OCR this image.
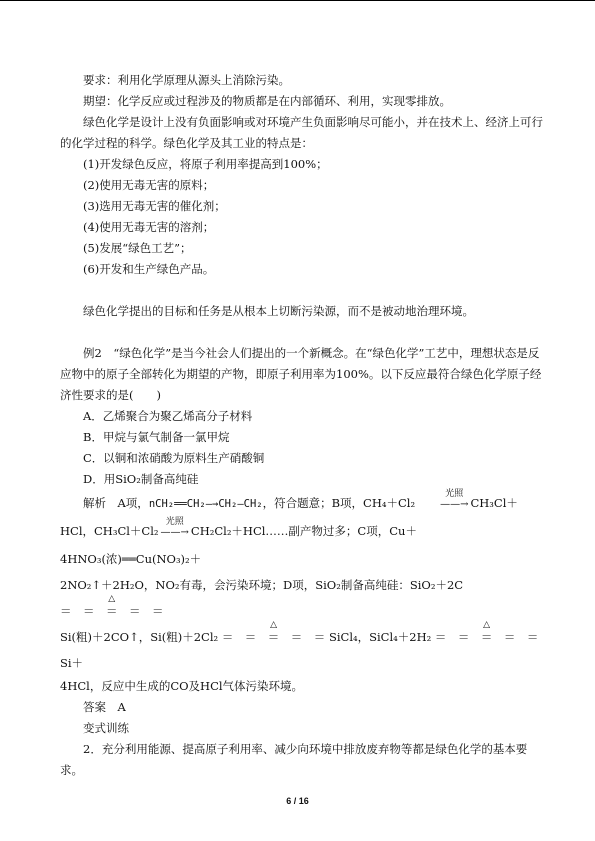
要求：利用化学原理从源头上消除污染。

期望：化学反应或过程涉及的物质都是在内部循环、利用，实现零排放。

绿色化学是设计上没有负面影响或对环境产生负面影响尽可能小，并在技术上、经济上可行的化学过程的科学。绿色化学及其工业的特点是：

(1)开发绿色反应，将原子利用率提高到100%；

(2)使用无毒无害的原料；

(3)选用无毒无害的催化剂；

(4)使用无毒无害的溶剂；

(5)发展“绿色工艺”；

(6)开发和生产绿色产品。

绿色化学提出的目标和任务是从根本上切断污染源，而不是被动地治理环境。

例2　“绿色化学”是当今社会人们提出的一个新概念。在“绿色化学”工艺中，理想状态是反应物中的原子全部转化为期望的产物，即原子利用率为100%。以下反应最符合绿色化学原子经济性要求的是(　　)

A．乙烯聚合为聚乙烯高分子材料

B．甲烷与氯气制备一氯甲烷

C．以铜和浓硝酸为原料生产硝酸铜

D．用SiO₂制备高纯硅

解析　A项，nCH₂══CH₂—→CH₂—CH₂，符合题意；B项，CH₄＋Cl₂
光照
——→ CH₃Cl＋

HCl，CH₃Cl＋Cl₂
光照
——→ CH₂Cl₂＋HCl……副产物过多；C项，Cu＋4HNO₃(浓)══Cu(NO₃)₂＋

2NO₂↑＋2H₂O，NO₂有毒，会污染环境；D项，SiO₂制备高纯硅：SiO₂＋2C
△
＝　＝　＝　＝　＝

Si(粗)＋2CO↑，Si(粗)＋2Cl₂
△
＝　＝　＝　＝　＝ SiCl₄，SiCl₄＋2H₂
△
＝　＝　＝　＝　＝ Si＋

4HCl，反应中生成的CO及HCl气体污染环境。

答案　A

变式训练

2．充分利用能源、提高原子利用率、减少向环境中排放废弃物等都是绿色化学的基本要求。

6 / 16
